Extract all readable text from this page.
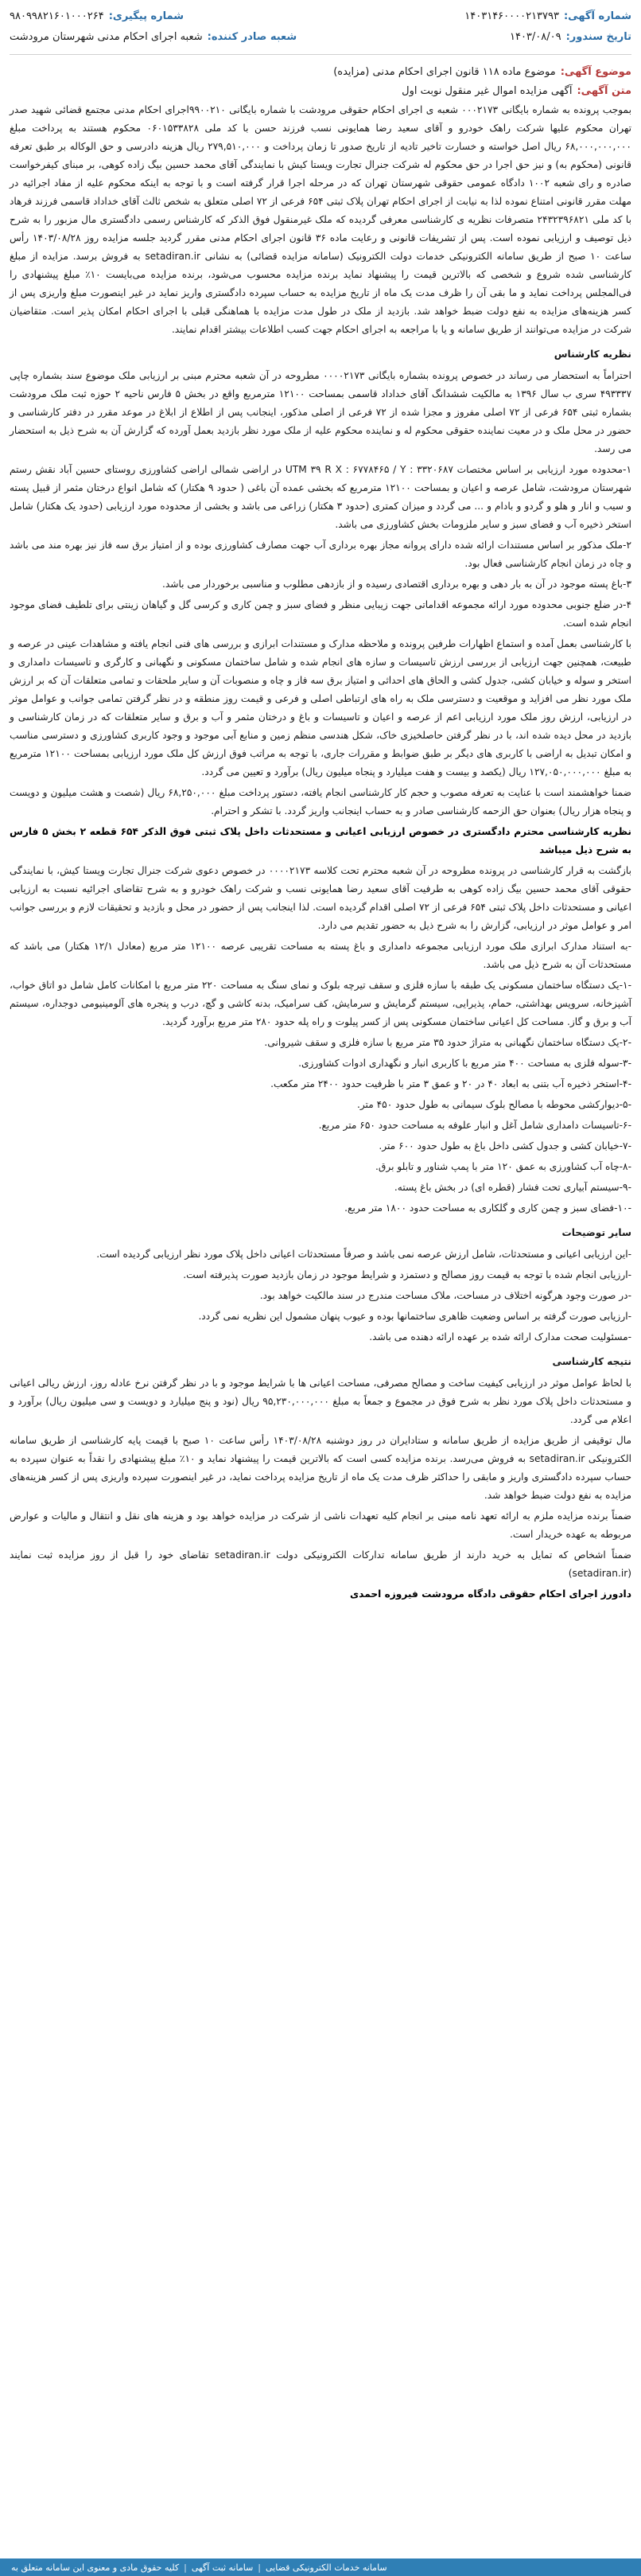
شماره آگهی:
۱۴۰۳۱۴۶۰۰۰۰۲۱۳۷۹۳
شماره پیگیری:
۹۸۰۹۹۸۲۱۶۰۱۰۰۰۲۶۴
تاریخ سندور:
۱۴۰۳/۰۸/۰۹
شعبه صادر کننده:
شعبه اجرای احکام مدنی شهرستان مرودشت
موضوع آگهی:
موضوع ماده ۱۱۸ قانون اجرای احکام مدنی (مزایده)
متن آگهی:
آگهی مزایده اموال غیر منقول نوبت اول

بموجب پرونده به شماره بایگانی ۰۰۰۲۱۷۳ شعبه ی اجرای احکام حقوقی مرودشت با شماره بایگانی ۹۹۰۰۲۱۰اجرای احکام مدنی مجتمع قضائی شهید صدر تهران محکوم علیها شرکت راهک خودرو و آقای سعید رضا همایونی نسب فرزند حسن با کد ملی ۰۶۰۱۵۳۳۸۲۸ محکوم هستند به پرداخت مبلغ ۶۸,۰۰۰,۰۰۰,۰۰۰ ریال اصل خواسته و خسارت تاخیر تادیه از تاریخ صدور تا زمان پرداخت و ۲۷۹,۵۱۰,۰۰۰ ریال هزینه دادرسی و حق الوکاله بر طبق تعرفه قانونی (محکوم به) و نیز حق اجرا در حق محکوم له شرکت جنرال تجارت ویستا کیش با نمایندگی آقای محمد حسین بیگ زاده کوهی، بر مبنای کیفرخواست صادره و رای شعبه ۱۰۰۲ دادگاه عمومی حقوقی شهرستان تهران که در مرحله اجرا قرار گرفته است و با توجه به اینکه محکوم علیه از مفاد اجرائیه در مهلت مقرر قانونی امتناع نموده لذا به نیابت از اجرای احکام تهران پلاک ثبتی ۶۵۴ فرعی از ۷۲ اصلی متعلق به شخص ثالث آقای خداداد قاسمی فرزند فرهاد با کد ملی ۲۴۳۲۳۹۶۸۲۱ متصرفات نظریه ی کارشناسی معرفی گردیده که ملک غیرمنقول فوق الذکر که کارشناس رسمی دادگستری مال مزبور را به شرح ذیل توصیف و ارزیابی نموده است. پس از تشریفات قانونی و رعایت ماده ۳۶ قانون اجرای احکام مدنی مقرر گردید جلسه مزایده روز ۱۴۰۳/۰۸/۲۸ رأس ساعت ۱۰ صبح از طریق سامانه الکترونیکی خدمات دولت الکترونیک (سامانه مزایده قضائی) به نشانی setadiran.ir به فروش برسد. مزایده از مبلغ کارشناسی شده شروع و شخصی که بالاترین قیمت را پیشنهاد نماید برنده مزایده محسوب می‌شود، برنده مزایده می‌بایست ۱۰٪ مبلغ پیشنهادی را فی‌المجلس پرداخت نماید و ما بقی آن را ظرف مدت یک ماه از تاریخ مزایده به حساب سپرده دادگستری واریز نماید در غیر اینصورت مبلغ واریزی پس از کسر هزینه‌های مزایده به نفع دولت ضبط خواهد شد. بازدید از ملک در طول مدت مزایده با هماهنگی قبلی با اجرای احکام امکان پذیر است. متقاضیان شرکت در مزایده می‌توانند از طریق سامانه و یا با مراجعه به اجرای احکام جهت کسب اطلاعات بیشتر اقدام نمایند.

نظریه کارشناس

احتراماً به استحضار می رساند در خصوص پرونده بشماره بایگانی ۰۰۰۰۲۱۷۳ مطروحه در آن شعبه محترم مبنی بر ارزیابی ملک موضوع سند بشماره چاپی ۴۹۳۳۳۷ سری ب سال ۱۳۹۶ به مالکیت ششدانگ آقای خداداد قاسمی بمساحت ۱۲۱۰۰ مترمربع واقع در بخش ۵ فارس ناحیه ۲ حوزه ثبت ملک مرودشت بشماره ثبتی ۶۵۴ فرعی از ۷۲ اصلی مفروز و مجزا شده از ۷۲ فرعی از اصلی مذکور، اینجانب پس از اطلاع از ابلاغ در موعد مقرر در دفتر کارشناسی و حضور در محل ملک و در معیت نماینده حقوقی محکوم له و نماینده محکوم علیه از ملک مورد نظر بازدید بعمل آورده که گزارش آن به شرح ذیل به استحضار می رسد.

۱-محدوده مورد ارزیابی بر اساس مختصات UTM ۳۹ R X : ۶۷۷۸۴۶۵ / Y : ۳۳۲۰۶۸۷ در اراضی شمالی اراضی کشاورزی روستای حسین آباد نقش رستم شهرستان مرودشت، شامل عرصه و اعیان و بمساحت ۱۲۱۰۰ مترمربع که بخشی عمده آن باغی ( حدود ۹ هکتار) که شامل انواع درختان مثمر از قبیل پسته و سیب و انار و هلو و گردو و بادام و ... می گردد و میزان کمتری (حدود ۳ هکتار) زراعی می باشد و بخشی از محدوده مورد ارزیابی (حدود یک هکتار) شامل استخر ذخیره آب و فضای سبز و سایر ملزومات بخش کشاورزی می باشد.

۲-ملک مذکور بر اساس مستندات ارائه شده دارای پروانه مجاز بهره برداری آب جهت مصارف کشاورزی بوده و از امتیاز برق سه فاز نیز بهره مند می باشد و چاه در زمان انجام کارشناسی فعال بود.

۳-باغ پسته موجود در آن به بار دهی و بهره برداری اقتصادی رسیده و از بازدهی مطلوب و مناسبی برخوردار می باشد.

۴-در ضلع جنوبی محدوده مورد ارائه مجموعه اقداماتی جهت زیبایی منظر و فضای سبز و چمن کاری و کرسی گل و گیاهان زینتی برای تلطیف فضای موجود انجام شده است.

با کارشناسی بعمل آمده و استماع اظهارات طرفین پرونده و ملاحظه مدارک و مستندات ابرازی و بررسی های فنی انجام یافته و مشاهدات عینی در عرصه و طبیعت، همچنین جهت ارزیابی از بررسی ارزش تاسیسات و سازه های انجام شده و شامل ساختمان مسکونی و نگهبانی و کارگری و تاسیسات دامداری و استخر و سوله و خیابان کشی، جدول کشی و الحاق های احداثی و امتیاز برق سه فاز و چاه و منصوبات آن و سایر ملحقات و تمامی متعلقات آن که بر ارزش ملک مورد نظر می افزاید و موقعیت و دسترسی ملک به راه های ارتباطی اصلی و فرعی و قیمت روز منطقه و در نظر گرفتن تمامی جوانب و عوامل موثر در ارزیابی، ارزش روز ملک مورد ارزیابی اعم از عرصه و اعیان و تاسیسات و باغ و درختان مثمر و آب و برق و سایر متعلقات که در زمان کارشناسی و بازدید در محل دیده شده اند، با در نظر گرفتن حاصلخیزی خاک، شکل هندسی منظم زمین و منابع آبی موجود و وجود کاربری کشاورزی و دسترسی مناسب و امکان تبدیل به اراضی با کاربری های دیگر بر طبق ضوابط و مقررات جاری، با توجه به مراتب فوق ارزش کل ملک مورد ارزیابی بمساحت ۱۲۱۰۰ مترمربع به مبلغ ۱۲۷,۰۵۰,۰۰۰,۰۰۰ ریال (یکصد و بیست و هفت میلیارد و پنجاه میلیون ریال) برآورد و تعیین می گردد.

ضمنا خواهشمند است با عنایت به تعرفه مصوب و حجم کار کارشناسی انجام یافته، دستور پرداخت مبلغ ۶۸,۲۵۰,۰۰۰ ریال (شصت و هشت میلیون و دویست و پنجاه هزار ریال) بعنوان حق الزحمه کارشناسی صادر و به حساب اینجانب واریز گردد. با تشکر و احترام.

نظریه کارشناسی محترم دادگستری در خصوص ارزیابی اعیانی و مستحدثات داخل پلاک ثبتی فوق الذکر ۶۵۴ قطعه ۲ بخش ۵ فارس به شرح ذیل میباشد

بازگشت به قرار کارشناسی در پرونده مطروحه در آن شعبه محترم تحت کلاسه ۰۰۰۰۲۱۷۳ در خصوص دعوی شرکت جنرال تجارت ویستا کیش، با نمایندگی حقوقی آقای محمد حسین بیگ زاده کوهی به طرفیت آقای سعید رضا همایونی نسب و شرکت راهک خودرو و به شرح تقاضای اجرائیه نسبت به ارزیابی اعیانی و مستحدثات داخل پلاک ثبتی ۶۵۴ فرعی از ۷۲ اصلی اقدام گردیده است. لذا اینجانب پس از حضور در محل و بازدید و تحقیقات لازم و بررسی جوانب امر و عوامل موثر در ارزیابی، گزارش را به شرح ذیل به حضور تقدیم می دارد.

-به استناد مدارک ابرازی ملک مورد ارزیابی مجموعه دامداری و باغ پسته به مساحت تقریبی عرصه ۱۲۱۰۰ متر مربع (معادل ۱۲/۱ هکتار) می باشد که مستحدثات آن به شرح ذیل می باشد.

-۱-یک دستگاه ساختمان مسکونی یک طبقه با سازه فلزی و سقف تیرچه بلوک و نمای سنگ به مساحت ۲۲۰ متر مربع با امکانات کامل شامل دو اتاق خواب، آشپزخانه، سرویس بهداشتی، حمام، پذیرایی، سیستم گرمایش و سرمایش، کف سرامیک، بدنه کاشی و گچ، درب و پنجره های آلومینیومی دوجداره، سیستم آب و برق و گاز. مساحت کل اعیانی ساختمان مسکونی پس از کسر پیلوت و راه پله حدود ۲۸۰ متر مربع برآورد گردید.

-۲-یک دستگاه ساختمان نگهبانی به متراژ حدود ۳۵ متر مربع با سازه فلزی و سقف شیروانی.

-۳-سوله فلزی به مساحت ۴۰۰ متر مربع با کاربری انبار و نگهداری ادوات کشاورزی.

-۴-استخر ذخیره آب بتنی به ابعاد ۴۰ در ۲۰ و عمق ۳ متر با ظرفیت حدود ۲۴۰۰ متر مکعب.

-۵-دیوارکشی محوطه با مصالح بلوک سیمانی به طول حدود ۴۵۰ متر.

-۶-تاسیسات دامداری شامل آغل و انبار علوفه به مساحت حدود ۶۵۰ متر مربع.

-۷-خیابان کشی و جدول کشی داخل باغ به طول حدود ۶۰۰ متر.

-۸-چاه آب کشاورزی به عمق ۱۲۰ متر با پمپ شناور و تابلو برق.

-۹-سیستم آبیاری تحت فشار (قطره ای) در بخش باغ پسته.

-۱۰-فضای سبز و چمن کاری و گلکاری به مساحت حدود ۱۸۰۰ متر مربع.

سایر توضیحات

-این ارزیابی اعیانی و مستحدثات، شامل ارزش عرصه نمی باشد و صرفاً مستحدثات اعیانی داخل پلاک مورد نظر ارزیابی گردیده است.

-ارزیابی انجام شده با توجه به قیمت روز مصالح و دستمزد و شرایط موجود در زمان بازدید صورت پذیرفته است.

-در صورت وجود هرگونه اختلاف در مساحت، ملاک مساحت مندرج در سند مالکیت خواهد بود.

-ارزیابی صورت گرفته بر اساس وضعیت ظاهری ساختمانها بوده و عیوب پنهان مشمول این نظریه نمی گردد.

-مسئولیت صحت مدارک ارائه شده بر عهده ارائه دهنده می باشد.

نتیجه کارشناسی

با لحاظ عوامل موثر در ارزیابی کیفیت ساخت و مصالح مصرفی، مساحت اعیانی ها با شرایط موجود و با در نظر گرفتن نرخ عادله روز، ارزش ریالی اعیانی و مستحدثات داخل پلاک مورد نظر به شرح فوق در مجموع و جمعاً به مبلغ ۹۵,۲۳۰,۰۰۰,۰۰۰ ریال (نود و پنج میلیارد و دویست و سی میلیون ریال) برآورد و اعلام می گردد.

مال توقیفی از طریق مزایده از طریق سامانه و ستادایران در روز دوشنبه ۱۴۰۳/۰۸/۲۸ رأس ساعت ۱۰ صبح با قیمت پایه کارشناسی از طریق سامانه الکترونیکی setadiran.ir به فروش می‌رسد. برنده مزایده کسی است که بالاترین قیمت را پیشنهاد نماید و ۱۰٪ مبلغ پیشنهادی را نقداً به عنوان سپرده به حساب سپرده دادگستری واریز و مابقی را حداکثر ظرف مدت یک ماه از تاریخ مزایده پرداخت نماید، در غیر اینصورت سپرده واریزی پس از کسر هزینه‌های مزایده به نفع دولت ضبط خواهد شد.

ضمناً برنده مزایده ملزم به ارائه تعهد نامه مبنی بر انجام کلیه تعهدات ناشی از شرکت در مزایده خواهد بود و هزینه های نقل و انتقال و مالیات و عوارض مربوطه به عهده خریدار است.

ضمناً اشخاص که تمایل به خرید دارند از طریق سامانه تدارکات الکترونیکی دولت setadiran.ir تقاضای خود را قبل از روز مزایده ثبت نمایند (setadiran.ir)

دادورز اجرای احکام حقوقی دادگاه مرودشت فیروزه احمدی

سامانه خدمات الکترونیکی قضایی
|
سامانه ثبت آگهی
|
کلیه حقوق مادی و معنوی این سامانه متعلق به
